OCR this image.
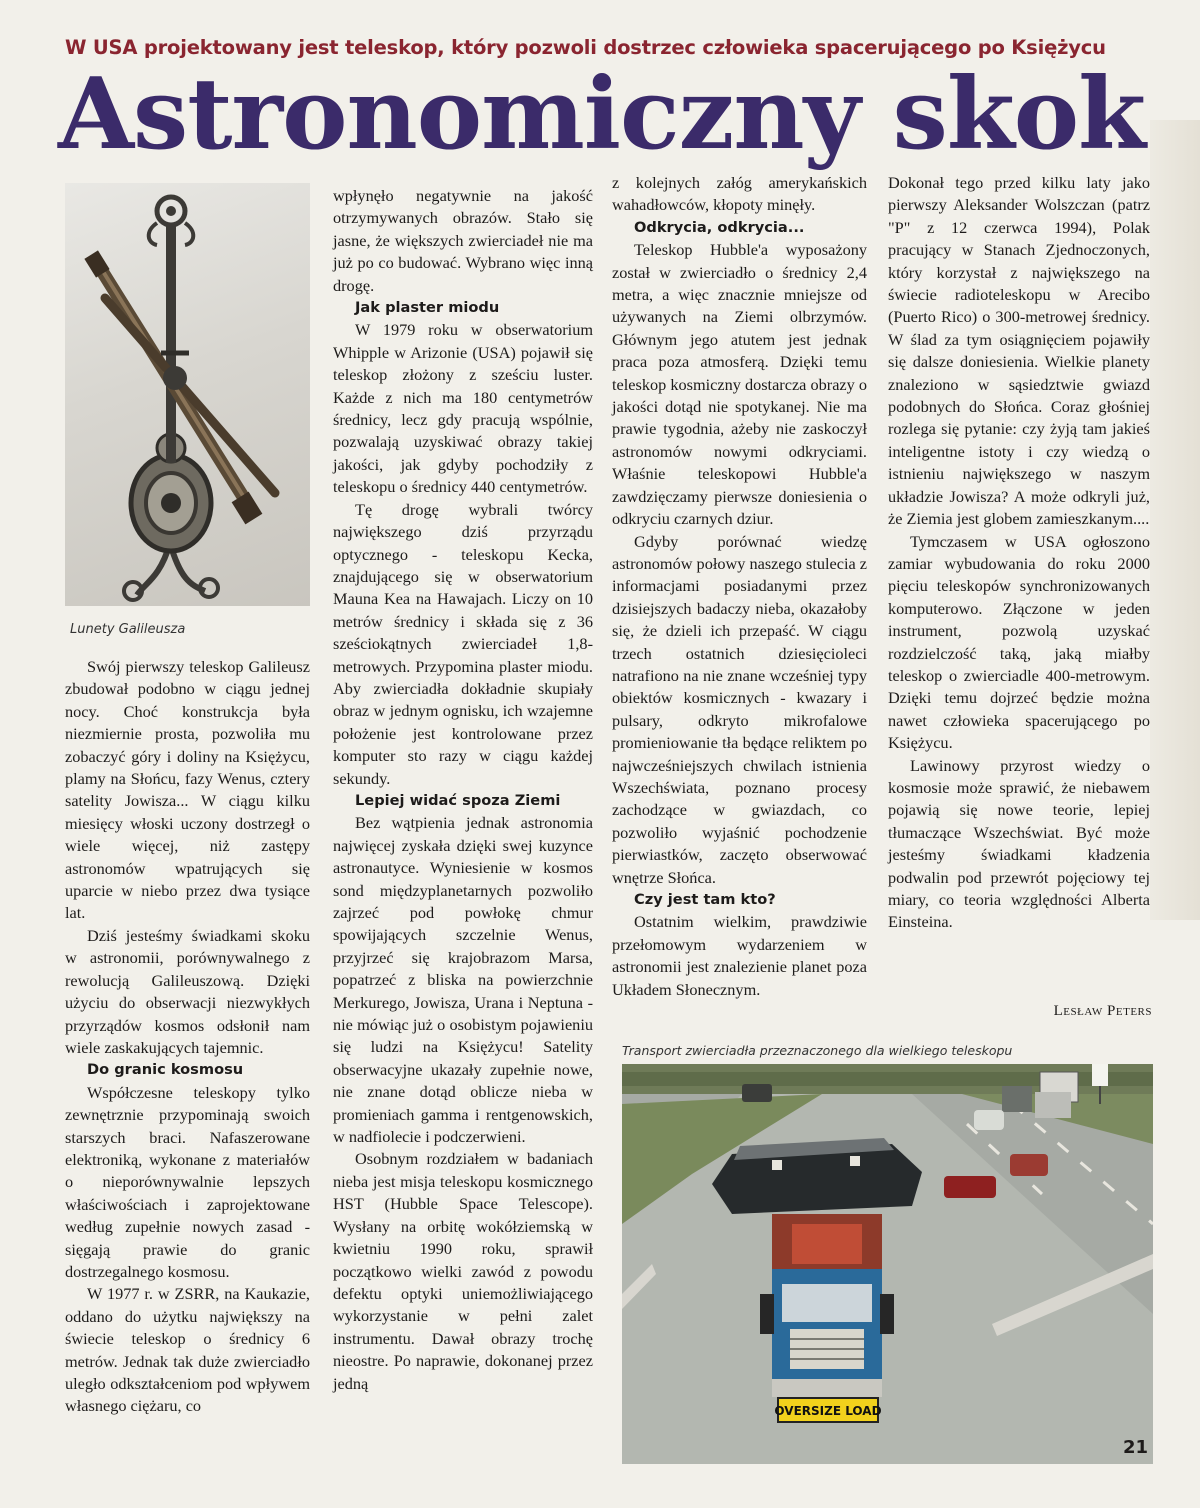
W USA projektowany jest teleskop, który pozwoli dostrzec człowieka spacerującego po Księżycu
Astronomiczny skok
Lunety Galileusza

Swój pierwszy teleskop Galileusz zbudował podobno w ciągu jednej nocy. Choć konstrukcja była niezmiernie prosta, pozwoliła mu zobaczyć góry i doliny na Księżycu, plamy na Słońcu, fazy Wenus, cztery satelity Jowisza... W ciągu kilku miesięcy włoski uczony dostrzegł o wiele więcej, niż zastępy astronomów wpatrujących się uparcie w niebo przez dwa tysiące lat.

Dziś jesteśmy świadkami skoku w astronomii, porównywalnego z rewolucją Galileuszową. Dzięki użyciu do obserwacji niezwykłych przyrządów kosmos odsłonił nam wiele zaskakujących tajemnic.

Do granic kosmosu

Współczesne teleskopy tylko zewnętrznie przypominają swoich starszych braci. Nafaszerowane elektroniką, wykonane z materiałów o nieporównywalnie lepszych właściwościach i zaprojektowane według zupełnie nowych zasad - sięgają prawie do granic dostrzegalnego kosmosu.

W 1977 r. w ZSRR, na Kaukazie, oddano do użytku największy na świecie teleskop o średnicy 6 metrów. Jednak tak duże zwierciadło uległo odkształceniom pod wpływem własnego ciężaru, co

wpłynęło negatywnie na jakość otrzymywanych obrazów. Stało się jasne, że większych zwierciadeł nie ma już po co budować. Wybrano więc inną drogę.

Jak plaster miodu

W 1979 roku w obserwatorium Whipple w Arizonie (USA) pojawił się teleskop złożony z sześciu luster. Każde z nich ma 180 centymetrów średnicy, lecz gdy pracują wspólnie, pozwalają uzyskiwać obrazy takiej jakości, jak gdyby pochodziły z teleskopu o średnicy 440 centymetrów.

Tę drogę wybrali twórcy największego dziś przyrządu optycznego - teleskopu Kecka, znajdującego się w obserwatorium Mauna Kea na Hawajach. Liczy on 10 metrów średnicy i składa się z 36 sześciokątnych zwierciadeł 1,8-metrowych. Przypomina plaster miodu. Aby zwierciadła dokładnie skupiały obraz w jednym ognisku, ich wzajemne położenie jest kontrolowane przez komputer sto razy w ciągu każdej sekundy.

Lepiej widać spoza Ziemi

Bez wątpienia jednak astronomia najwięcej zyskała dzięki swej kuzynce astronautyce. Wyniesienie w kosmos sond międzyplanetarnych pozwoliło zajrzeć pod powłokę chmur spowijających szczelnie Wenus, przyjrzeć się krajobrazom Marsa, popatrzeć z bliska na powierzchnie Merkurego, Jowisza, Urana i Neptuna - nie mówiąc już o osobistym pojawieniu się ludzi na Księżycu! Satelity obserwacyjne ukazały zupełnie nowe, nie znane dotąd oblicze nieba w promieniach gamma i rentgenowskich, w nadfiolecie i podczerwieni.

Osobnym rozdziałem w badaniach nieba jest misja teleskopu kosmicznego HST (Hubble Space Telescope). Wysłany na orbitę wokółziemską w kwietniu 1990 roku, sprawił początkowo wielki zawód z powodu defektu optyki uniemożliwiającego wykorzystanie w pełni zalet instrumentu. Dawał obrazy trochę nieostre. Po naprawie, dokonanej przez jedną

z kolejnych załóg amerykańskich wahadłowców, kłopoty minęły.

Odkrycia, odkrycia...

Teleskop Hubble'a wyposażony został w zwierciadło o średnicy 2,4 metra, a więc znacznie mniejsze od używanych na Ziemi olbrzymów. Głównym jego atutem jest jednak praca poza atmosferą. Dzięki temu teleskop kosmiczny dostarcza obrazy o jakości dotąd nie spotykanej. Nie ma prawie tygodnia, ażeby nie zaskoczył astronomów nowymi odkryciami. Właśnie teleskopowi Hubble'a zawdzięczamy pierwsze doniesienia o odkryciu czarnych dziur.

Gdyby porównać wiedzę astronomów połowy naszego stulecia z informacjami posiadanymi przez dzisiejszych badaczy nieba, okazałoby się, że dzieli ich przepaść. W ciągu trzech ostatnich dziesięcioleci natrafiono na nie znane wcześniej typy obiektów kosmicznych - kwazary i pulsary, odkryto mikrofalowe promieniowanie tła będące reliktem po najwcześniejszych chwilach istnienia Wszechświata, poznano procesy zachodzące w gwiazdach, co pozwoliło wyjaśnić pochodzenie pierwiastków, zaczęto obserwować wnętrze Słońca.

Czy jest tam kto?

Ostatnim wielkim, prawdziwie przełomowym wydarzeniem w astronomii jest znalezienie planet poza Układem Słonecznym.

Dokonał tego przed kilku laty jako pierwszy Aleksander Wolszczan (patrz "P" z 12 czerwca 1994), Polak pracujący w Stanach Zjednoczonych, który korzystał z największego na świecie radioteleskopu w Arecibo (Puerto Rico) o 300-metrowej średnicy. W ślad za tym osiągnięciem pojawiły się dalsze doniesienia. Wielkie planety znaleziono w sąsiedztwie gwiazd podobnych do Słońca. Coraz głośniej rozlega się pytanie: czy żyją tam jakieś inteligentne istoty i czy wiedzą o istnieniu największego w naszym układzie Jowisza? A może odkryli już, że Ziemia jest globem zamieszkanym....

Tymczasem w USA ogłoszono zamiar wybudowania do roku 2000 pięciu teleskopów synchronizowanych komputerowo. Złączone w jeden instrument, pozwolą uzyskać rozdzielczość taką, jaką miałby teleskop o zwierciadle 400-metrowym. Dzięki temu dojrzeć będzie można nawet człowieka spacerującego po Księżycu.

Lawinowy przyrost wiedzy o kosmosie może sprawić, że niebawem pojawią się nowe teorie, lepiej tłumaczące Wszechświat. Być może jesteśmy świadkami kładzenia podwalin pod przewrót pojęciowy tej miary, co teoria względności Alberta Einsteina.

Lesław Peters
Transport zwierciadła przeznaczonego dla wielkiego teleskopu
OVERSIZE LOAD
21
